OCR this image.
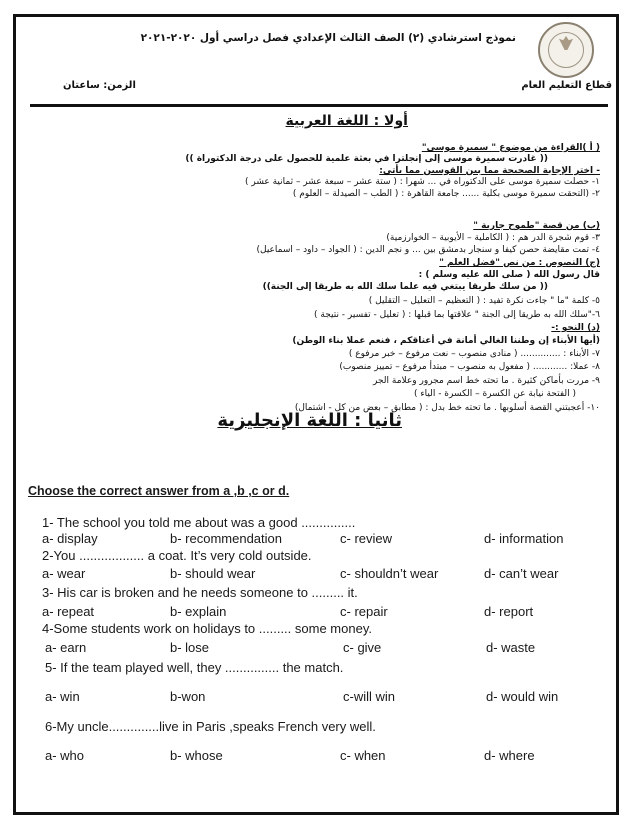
قطاع التعليم العام
نموذج استرشادي (٢) الصف الثالث الإعدادي فصل دراسي أول ٢٠٢٠-٢٠٢١
الزمن: ساعتان
أولا : اللغة العربية
( أ )القراءة من موضوع " سميرة موسى"
(( غادرت سميرة موسى إلى إنجلترا في بعثة علمية للحصول على درجة الدكتوراة ))
- اختر الإجابة الصحيحة مما بين القوسين مما يأتي:
١- حصلت سميرة موسى على الدكتوراه في ... شهرا : ( ستة عشر – سبعة عشر – ثمانية عشر )
٢- (التحقت سميرة موسى بكلية ...... جامعة القاهرة : ( الطب – الصيدلة – العلوم )
(ب) من قصة "طموح جارية "
٣- قوم شجرة الدر هم : ( الكاملية – الأيوبية – الخوارزمية)
٤- تمت مقايضة حصن كيفا و سنجار بدمشق بين ... و نجم الدين : ( الجواد – داود – اسماعيل)
(ج) النصوص : من نص "فضل العلم "
قال رسول الله ( صلى الله عليه وسلم ) :
(( من سلك طريقا يبتغي فيه علما سلك الله به طريقا إلى الجنة))
٥- كلمة "ما " جاءت نكرة تفيد : ( التعظيم – التعليل – التقليل )
٦-"سلك الله به طريقا إلى الجنة " علاقتها بما قبلها : ( تعليل - تفسير - نتيجة )
(د) النحو :-
(أيها الأبناء إن وطننا الغالي أمانة في أعناقكم ، فنعم عملا بناء الوطن)
٧- الأبناء : .............. ( منادى منصوب – نعت مرفوع – خبر مرفوع )
٨- عملا: ............ ( مفعول به منصوب – مبتدأ مرفوع – تمييز منصوب)
٩- مررت بأماكن كثيرة . ما تحته خط اسم مجرور وعلامة الجر
( الفتحة نيابة عن الكسرة – الكسرة - الياء )
١٠- أعجبتني القصة أسلوبها . ما تحته خط بدل : ( مطابق – بعض من كل - اشتمال)
ثانيا : اللغة الإنجليزية
Choose the correct answer from a ,b ,c or d.
1- The school you told me about was a good ...............
a- display	b- recommendation	c- review	d- information
2-You .................. a coat. It’s very cold outside.
a- wear	b- should wear	c- shouldn’t wear	d- can’t wear
3- His car is broken and he needs someone to ......... it.
a- repeat	b- explain	c- repair	d- report
4-Some students work on holidays to ......... some money.
a- earn	b- lose	c- give	d- waste
5- If the team played well, they ............... the match.
a- win	b-won	c-will win	d- would win
6-My uncle..............live in Paris ,speaks French very well.
a- who	b- whose	c- when	d- where
